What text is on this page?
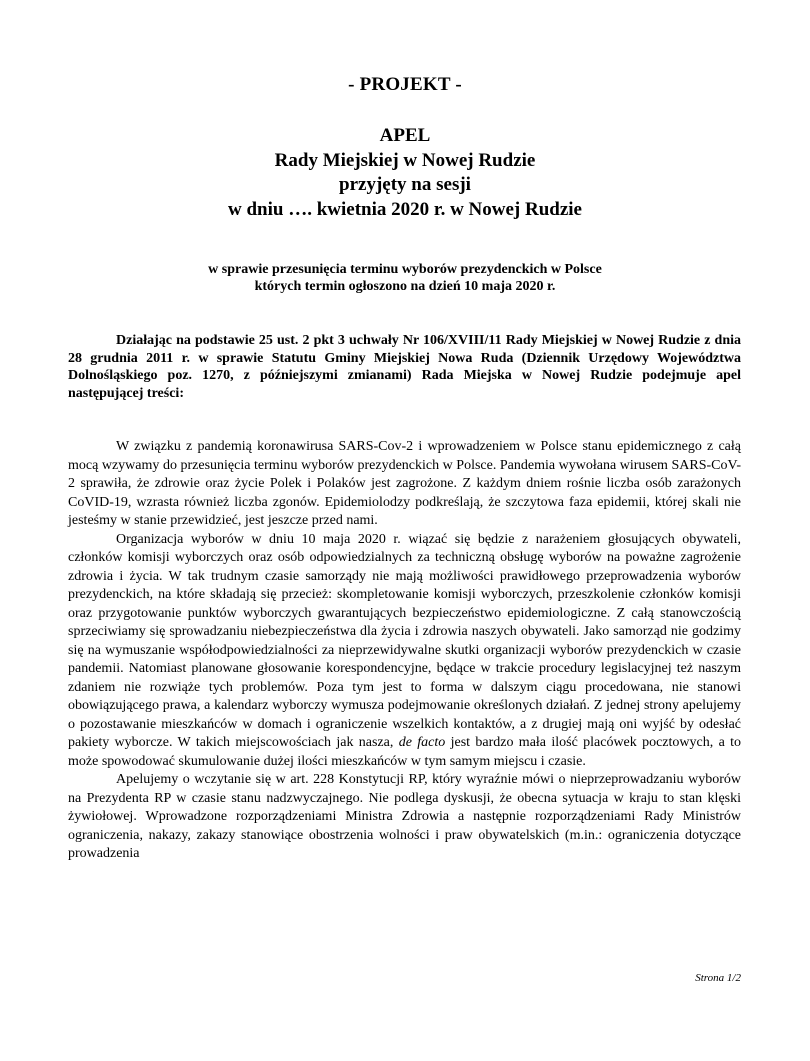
- PROJEKT -
APEL
Rady Miejskiej w Nowej Rudzie
przyjęty na sesji
w dniu …. kwietnia 2020 r. w Nowej Rudzie
w sprawie przesunięcia terminu wyborów prezydenckich w Polsce
których termin ogłoszono na dzień 10 maja 2020 r.

Działając na podstawie 25 ust. 2 pkt 3 uchwały Nr 106/XVIII/11 Rady Miejskiej w Nowej Rudzie z dnia 28 grudnia 2011 r. w sprawie Statutu Gminy Miejskiej Nowa Ruda (Dziennik Urzędowy Województwa Dolnośląskiego poz. 1270, z późniejszymi zmianami) Rada Miejska w Nowej Rudzie podejmuje apel następującej treści:

W związku z pandemią koronawirusa SARS-Cov-2 i wprowadzeniem w Polsce stanu epidemicznego z całą mocą wzywamy do przesunięcia terminu wyborów prezydenckich w Polsce. Pandemia wywołana wirusem SARS-CoV-2 sprawiła, że zdrowie oraz życie Polek i Polaków jest zagrożone. Z każdym dniem rośnie liczba osób zarażonych CoVID-19, wzrasta również liczba zgonów. Epidemiolodzy podkreślają, że szczytowa faza epidemii, której skali nie jesteśmy w stanie przewidzieć, jest jeszcze przed nami.

Organizacja wyborów w dniu 10 maja 2020 r. wiązać się będzie z narażeniem głosujących obywateli, członków komisji wyborczych oraz osób odpowiedzialnych za techniczną obsługę wyborów na poważne zagrożenie zdrowia i życia. W tak trudnym czasie samorządy nie mają możliwości prawidłowego przeprowadzenia wyborów prezydenckich, na które składają się przecież: skompletowanie komisji wyborczych, przeszkolenie członków komisji oraz przygotowanie punktów wyborczych gwarantujących bezpieczeństwo epidemiologiczne. Z całą stanowczością sprzeciwiamy się sprowadzaniu niebezpieczeństwa dla życia i zdrowia naszych obywateli. Jako samorząd nie godzimy się na wymuszanie współodpowiedzialności za nieprzewidywalne skutki organizacji wyborów prezydenckich w czasie pandemii. Natomiast planowane głosowanie korespondencyjne, będące w trakcie procedury legislacyjnej też naszym zdaniem nie rozwiąże tych problemów. Poza tym jest to forma w dalszym ciągu procedowana, nie stanowi obowiązującego prawa, a kalendarz wyborczy wymusza podejmowanie określonych działań. Z jednej strony apelujemy o pozostawanie mieszkańców w domach i ograniczenie wszelkich kontaktów, a z drugiej mają oni wyjść by odesłać pakiety wyborcze. W takich miejscowościach jak nasza, de facto jest bardzo mała ilość placówek pocztowych, a to może spowodować skumulowanie dużej ilości mieszkańców w tym samym miejscu i czasie.

Apelujemy o wczytanie się w art. 228 Konstytucji RP, który wyraźnie mówi o nieprzeprowadzaniu wyborów na Prezydenta RP w czasie stanu nadzwyczajnego. Nie podlega dyskusji, że obecna sytuacja w kraju to stan klęski żywiołowej. Wprowadzone rozporządzeniami Ministra Zdrowia a następnie rozporządzeniami Rady Ministrów ograniczenia, nakazy, zakazy stanowiące obostrzenia wolności i praw obywatelskich (m.in.: ograniczenia dotyczące prowadzenia

Strona 1/2
